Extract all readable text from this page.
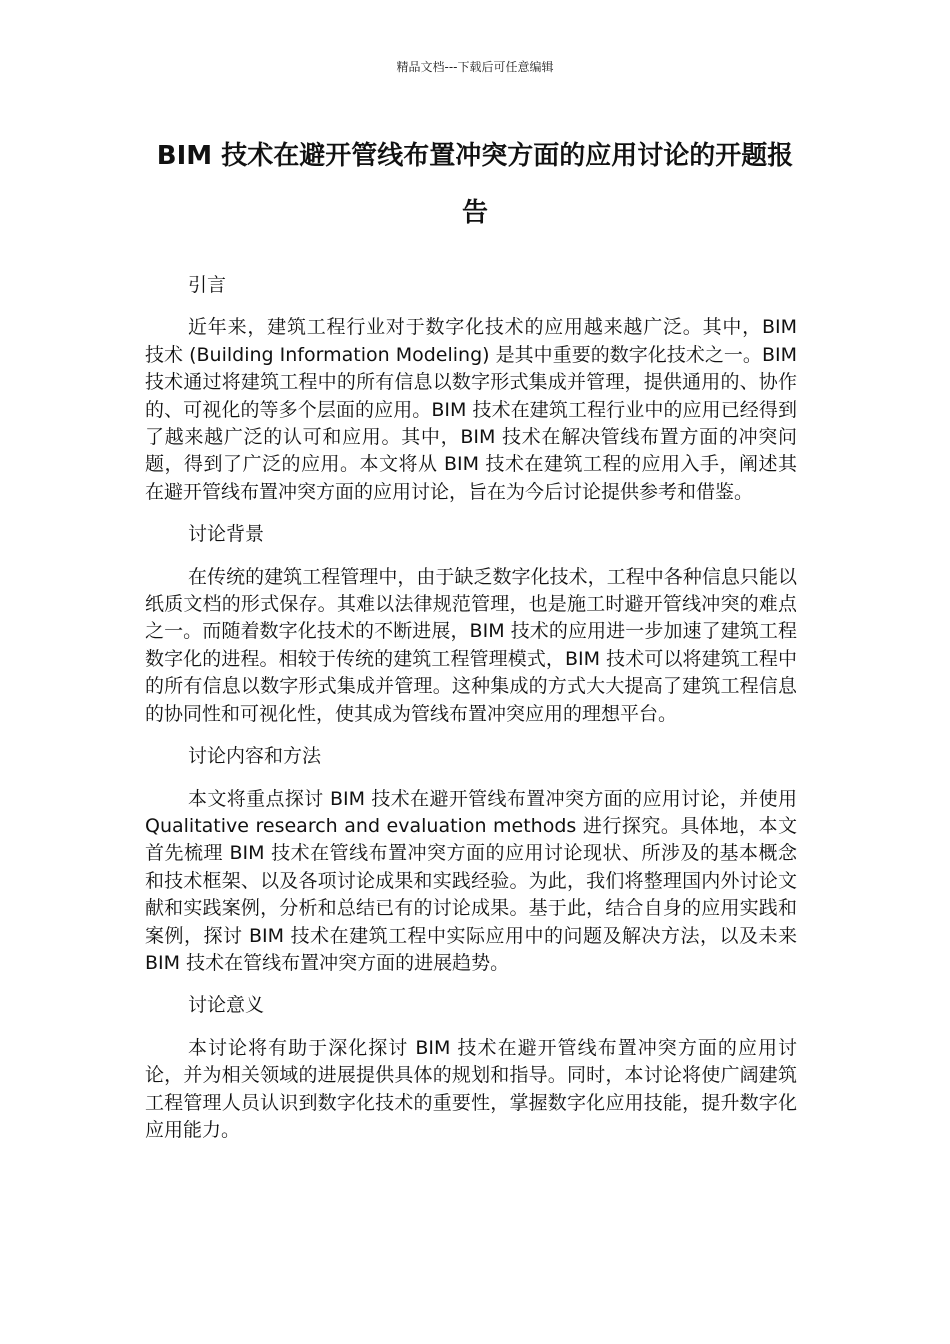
精品文档---下载后可任意编辑
BIM 技术在避开管线布置冲突方面的应用讨论的开题报告

引言

近年来，建筑工程行业对于数字化技术的应用越来越广泛。其中，BIM 技术 (Building Information Modeling) 是其中重要的数字化技术之一。BIM 技术通过将建筑工程中的所有信息以数字形式集成并管理，提供通用的、协作的、可视化的等多个层面的应用。BIM 技术在建筑工程行业中的应用已经得到了越来越广泛的认可和应用。其中，BIM 技术在解决管线布置方面的冲突问题，得到了广泛的应用。本文将从 BIM 技术在建筑工程的应用入手，阐述其在避开管线布置冲突方面的应用讨论，旨在为今后讨论提供参考和借鉴。

讨论背景

在传统的建筑工程管理中，由于缺乏数字化技术，工程中各种信息只能以纸质文档的形式保存。其难以法律规范管理，也是施工时避开管线冲突的难点之一。而随着数字化技术的不断进展，BIM 技术的应用进一步加速了建筑工程数字化的进程。相较于传统的建筑工程管理模式，BIM 技术可以将建筑工程中的所有信息以数字形式集成并管理。这种集成的方式大大提高了建筑工程信息的协同性和可视化性，使其成为管线布置冲突应用的理想平台。

讨论内容和方法

本文将重点探讨 BIM 技术在避开管线布置冲突方面的应用讨论，并使用 Qualitative research and evaluation methods 进行探究。具体地，本文首先梳理 BIM 技术在管线布置冲突方面的应用讨论现状、所涉及的基本概念和技术框架、以及各项讨论成果和实践经验。为此，我们将整理国内外讨论文献和实践案例，分析和总结已有的讨论成果。基于此，结合自身的应用实践和案例，探讨 BIM 技术在建筑工程中实际应用中的问题及解决方法，以及未来 BIM 技术在管线布置冲突方面的进展趋势。

讨论意义

本讨论将有助于深化探讨 BIM 技术在避开管线布置冲突方面的应用讨论，并为相关领域的进展提供具体的规划和指导。同时，本讨论将使广阔建筑工程管理人员认识到数字化技术的重要性，掌握数字化应用技能，提升数字化应用能力。
